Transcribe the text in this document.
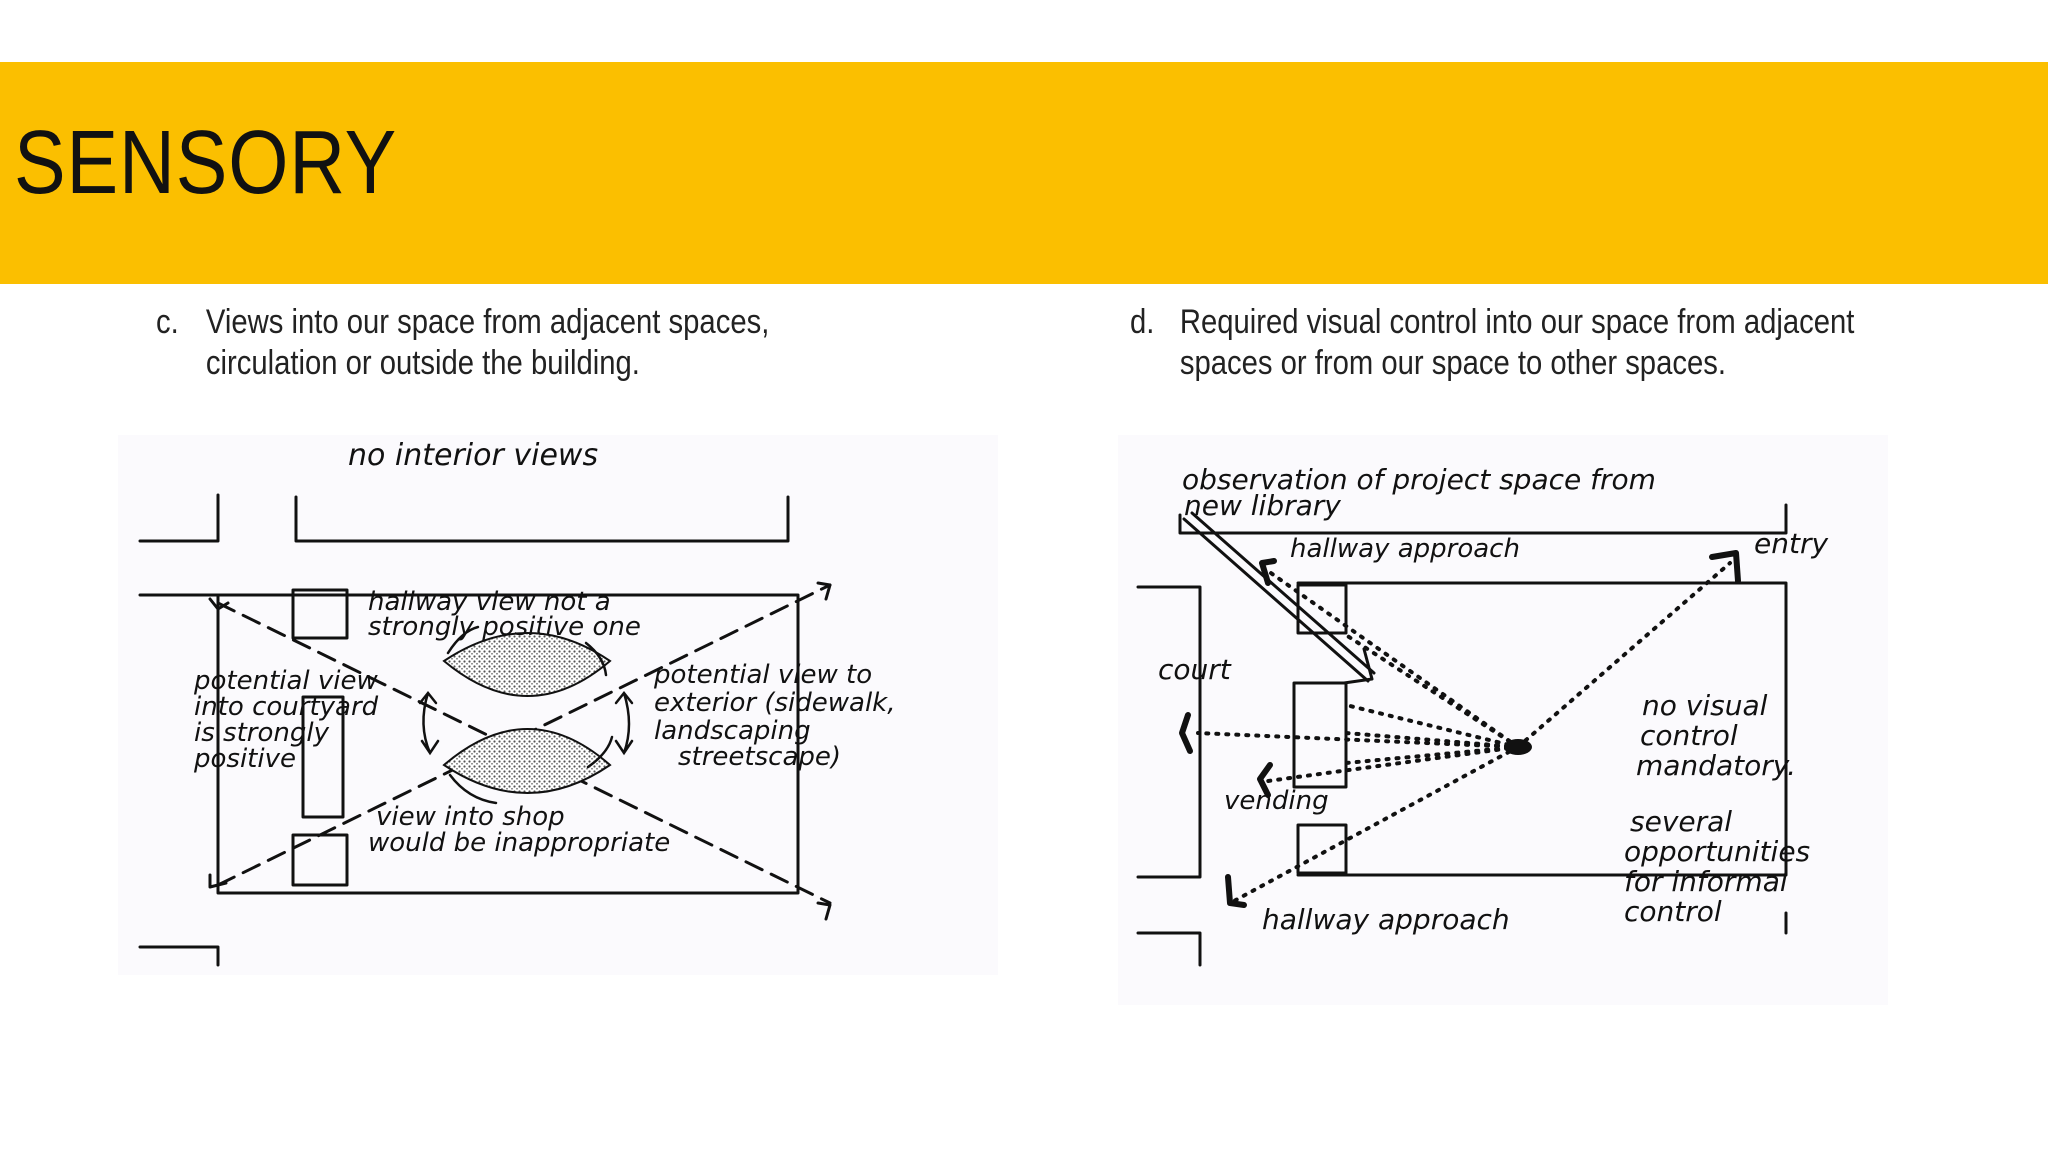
SENSORY
c. Views into our space from adjacent spaces,
circulation or outside the building.
d. Required visual control into our space from adjacent
spaces or from our space to other spaces.
no interior views
hallway view not a
strongly positive one
potential view
into courtyard
is strongly
positive
potential view to
exterior (sidewalk,
landscaping
streetscape)
view into shop
would be inappropriate
observation of project space from
new library
hallway approach	entry
court
vending
no visual
control
mandatory.
several
opportunities
for informal
control
hallway approach
